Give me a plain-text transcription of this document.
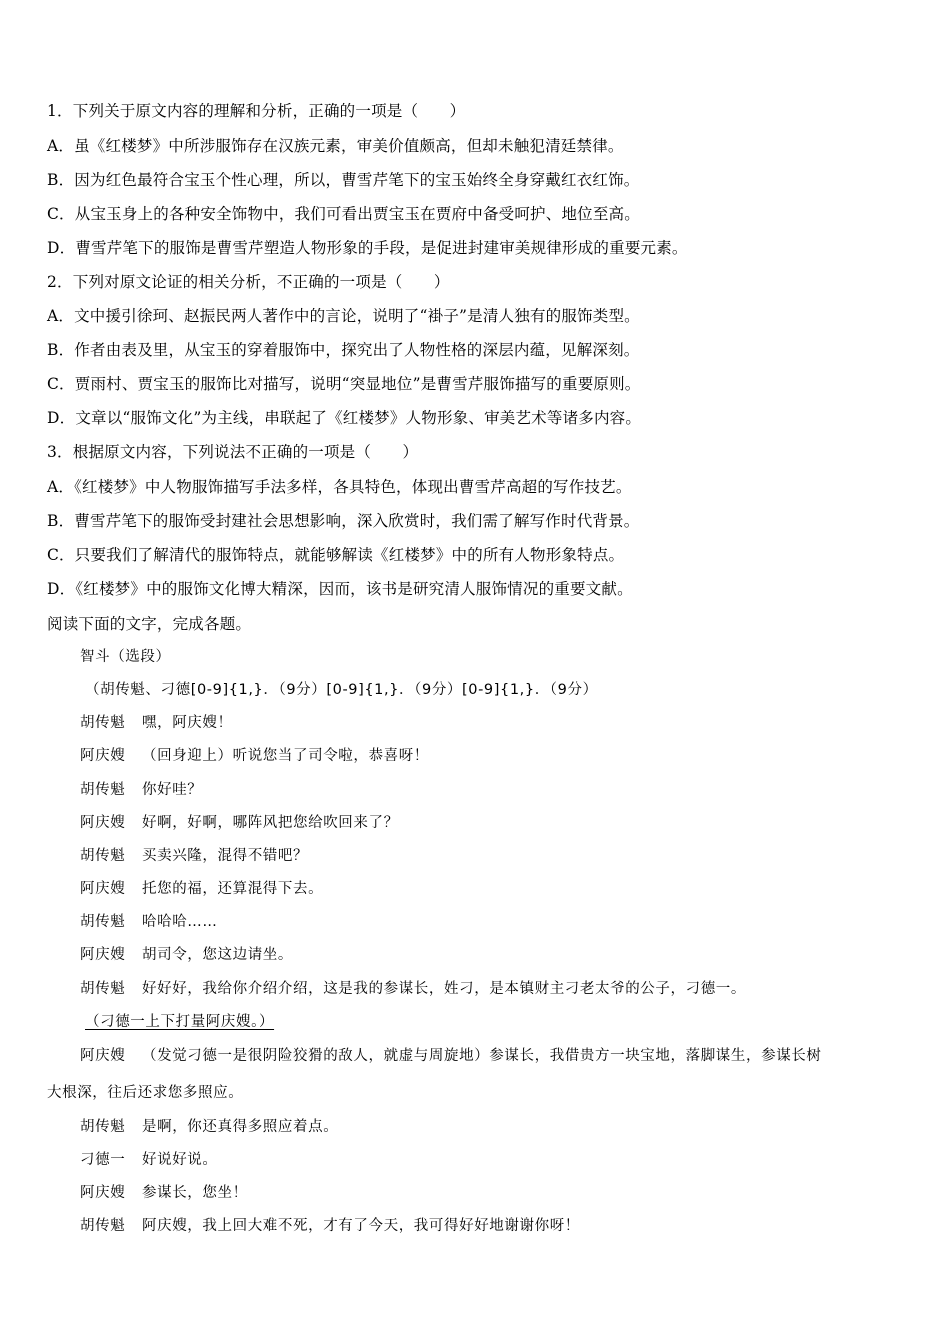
1．下列关于原文内容的理解和分析，正确的一项是（　　）
A．虽《红楼梦》中所涉服饰存在汉族元素，审美价值颇高，但却未触犯清廷禁律。
B．因为红色最符合宝玉个性心理，所以，曹雪芹笔下的宝玉始终全身穿戴红衣红饰。
C．从宝玉身上的各种安全饰物中，我们可看出贾宝玉在贾府中备受呵护、地位至高。
D．曹雪芹笔下的服饰是曹雪芹塑造人物形象的手段，是促进封建审美规律形成的重要元素。
2．下列对原文论证的相关分析，不正确的一项是（　　）
A．文中援引徐珂、赵振民两人著作中的言论，说明了“褂子”是清人独有的服饰类型。
B．作者由表及里，从宝玉的穿着服饰中，探究出了人物性格的深层内蕴，见解深刻。
C．贾雨村、贾宝玉的服饰比对描写，说明“突显地位”是曹雪芹服饰描写的重要原则。
D．文章以“服饰文化”为主线，串联起了《红楼梦》人物形象、审美艺术等诸多内容。
3．根据原文内容，下列说法不正确的一项是（　　）
A．《红楼梦》中人物服饰描写手法多样，各具特色，体现出曹雪芹高超的写作技艺。
B．曹雪芹笔下的服饰受封建社会思想影响，深入欣赏时，我们需了解写作时代背景。
C．只要我们了解清代的服饰特点，就能够解读《红楼梦》中的所有人物形象特点。
D．《红楼梦》中的服饰文化博大精深，因而，该书是研究清人服饰情况的重要文献。
阅读下面的文字，完成各题。
智斗（选段）
（胡传魁、刁德[0-9]{1,}．（9分）[0-9]{1,}．（9分）[0-9]{1,}．（9分）
胡传魁 嘿，阿庆嫂！
阿庆嫂 （回身迎上）听说您当了司令啦，恭喜呀！
胡传魁 你好哇？
阿庆嫂 好啊，好啊，哪阵风把您给吹回来了？
胡传魁 买卖兴隆，混得不错吧？
阿庆嫂 托您的福，还算混得下去。
胡传魁 哈哈哈……
阿庆嫂 胡司令，您这边请坐。
胡传魁 好好好，我给你介绍介绍，这是我的参谋长，姓刁，是本镇财主刁老太爷的公子，刁德一。
（刁德一上下打量阿庆嫂。）
阿庆嫂 （发觉刁德一是很阴险狡猾的敌人，就虚与周旋地）参谋长，我借贵方一块宝地，落脚谋生，参谋长树
大根深，往后还求您多照应。
胡传魁 是啊，你还真得多照应着点。
刁德一 好说好说。
阿庆嫂 参谋长，您坐！
胡传魁 阿庆嫂，我上回大难不死，才有了今天，我可得好好地谢谢你呀！
